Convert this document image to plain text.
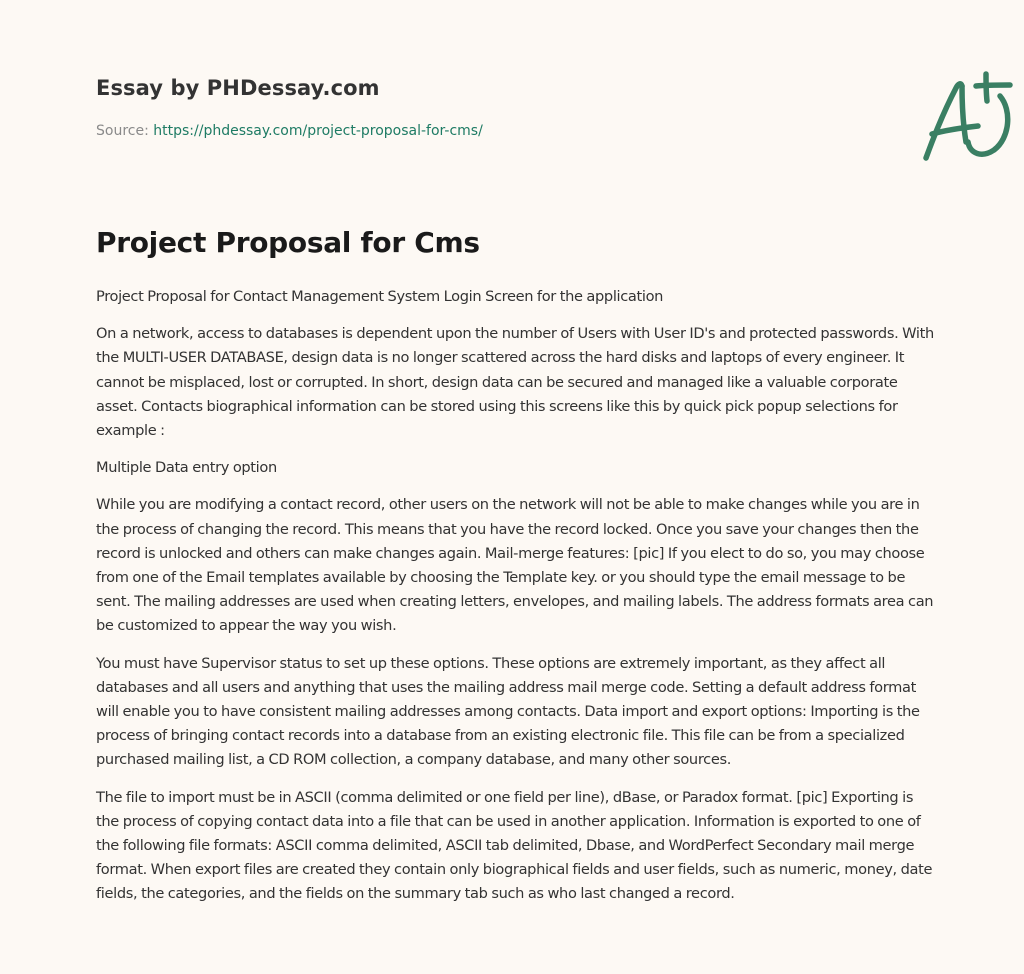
Essay by PHDessay.com
Source: https://phdessay.com/project-proposal-for-cms/
Project Proposal for Cms

Project Proposal for Contact Management System Login Screen for the application

On a network, access to databases is dependent upon the number of Users with User ID's and protected passwords. With the MULTI-USER DATABASE, design data is no longer scattered across the hard disks and laptops of every engineer. It cannot be misplaced, lost or corrupted. In short, design data can be secured and managed like a valuable corporate asset. Contacts biographical information can be stored using this screens like this by quick pick popup selections for example :

Multiple Data entry option

While you are modifying a contact record, other users on the network will not be able to make changes while you are in the process of changing the record. This means that you have the record locked. Once you save your changes then the record is unlocked and others can make changes again. Mail-merge features: [pic] If you elect to do so, you may choose from one of the Email templates available by choosing the Template key. or you should type the email message to be sent. The mailing addresses are used when creating letters, envelopes, and mailing labels. The address formats area can be customized to appear the way you wish.

You must have Supervisor status to set up these options. These options are extremely important, as they affect all databases and all users and anything that uses the mailing address mail merge code. Setting a default address format will enable you to have consistent mailing addresses among contacts. Data import and export options: Importing is the process of bringing contact records into a database from an existing electronic file. This file can be from a specialized purchased mailing list, a CD ROM collection, a company database, and many other sources.

The file to import must be in ASCII (comma delimited or one field per line), dBase, or Paradox format. [pic] Exporting is the process of copying contact data into a file that can be used in another application. Information is exported to one of the following file formats: ASCII comma delimited, ASCII tab delimited, Dbase, and WordPerfect Secondary mail merge format. When export files are created they contain only biographical fields and user fields, such as numeric, money, date fields, the categories, and the fields on the summary tab such as who last changed a record.
